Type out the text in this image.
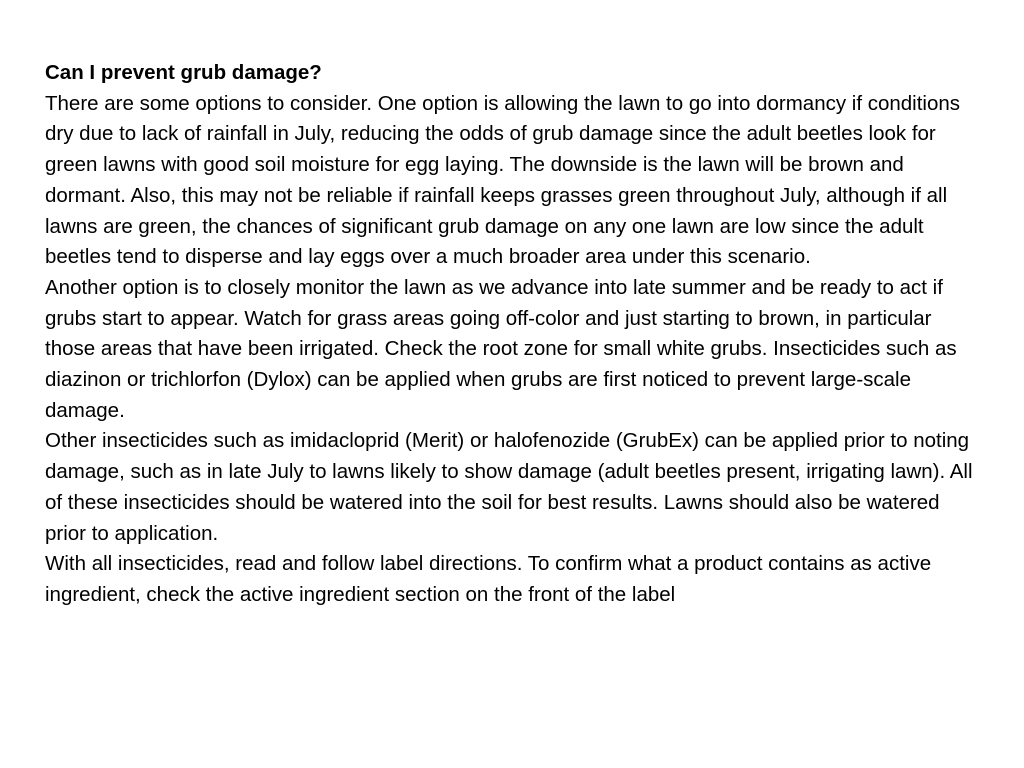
Can I prevent grub damage?

There are some options to consider. One option is allowing the lawn to go into dormancy if conditions dry due to lack of rainfall in July, reducing the odds of grub damage since the adult beetles look for green lawns with good soil moisture for egg laying. The downside is the lawn will be brown and dormant. Also, this may not be reliable if rainfall keeps grasses green throughout July, although if all lawns are green, the chances of significant grub damage on any one lawn are low since the adult beetles tend to disperse and lay eggs over a much broader area under this scenario.

Another option is to closely monitor the lawn as we advance into late summer and be ready to act if grubs start to appear. Watch for grass areas going off-color and just starting to brown, in particular those areas that have been irrigated. Check the root zone for small white grubs. Insecticides such as diazinon or trichlorfon (Dylox) can be applied when grubs are first noticed to prevent large-scale damage.

Other insecticides such as imidacloprid (Merit) or halofenozide (GrubEx) can be applied prior to noting damage, such as in late July to lawns likely to show damage (adult beetles present, irrigating lawn). All of these insecticides should be watered into the soil for best results. Lawns should also be watered prior to application.

With all insecticides, read and follow label directions. To confirm what a product contains as active ingredient, check the active ingredient section on the front of the label
